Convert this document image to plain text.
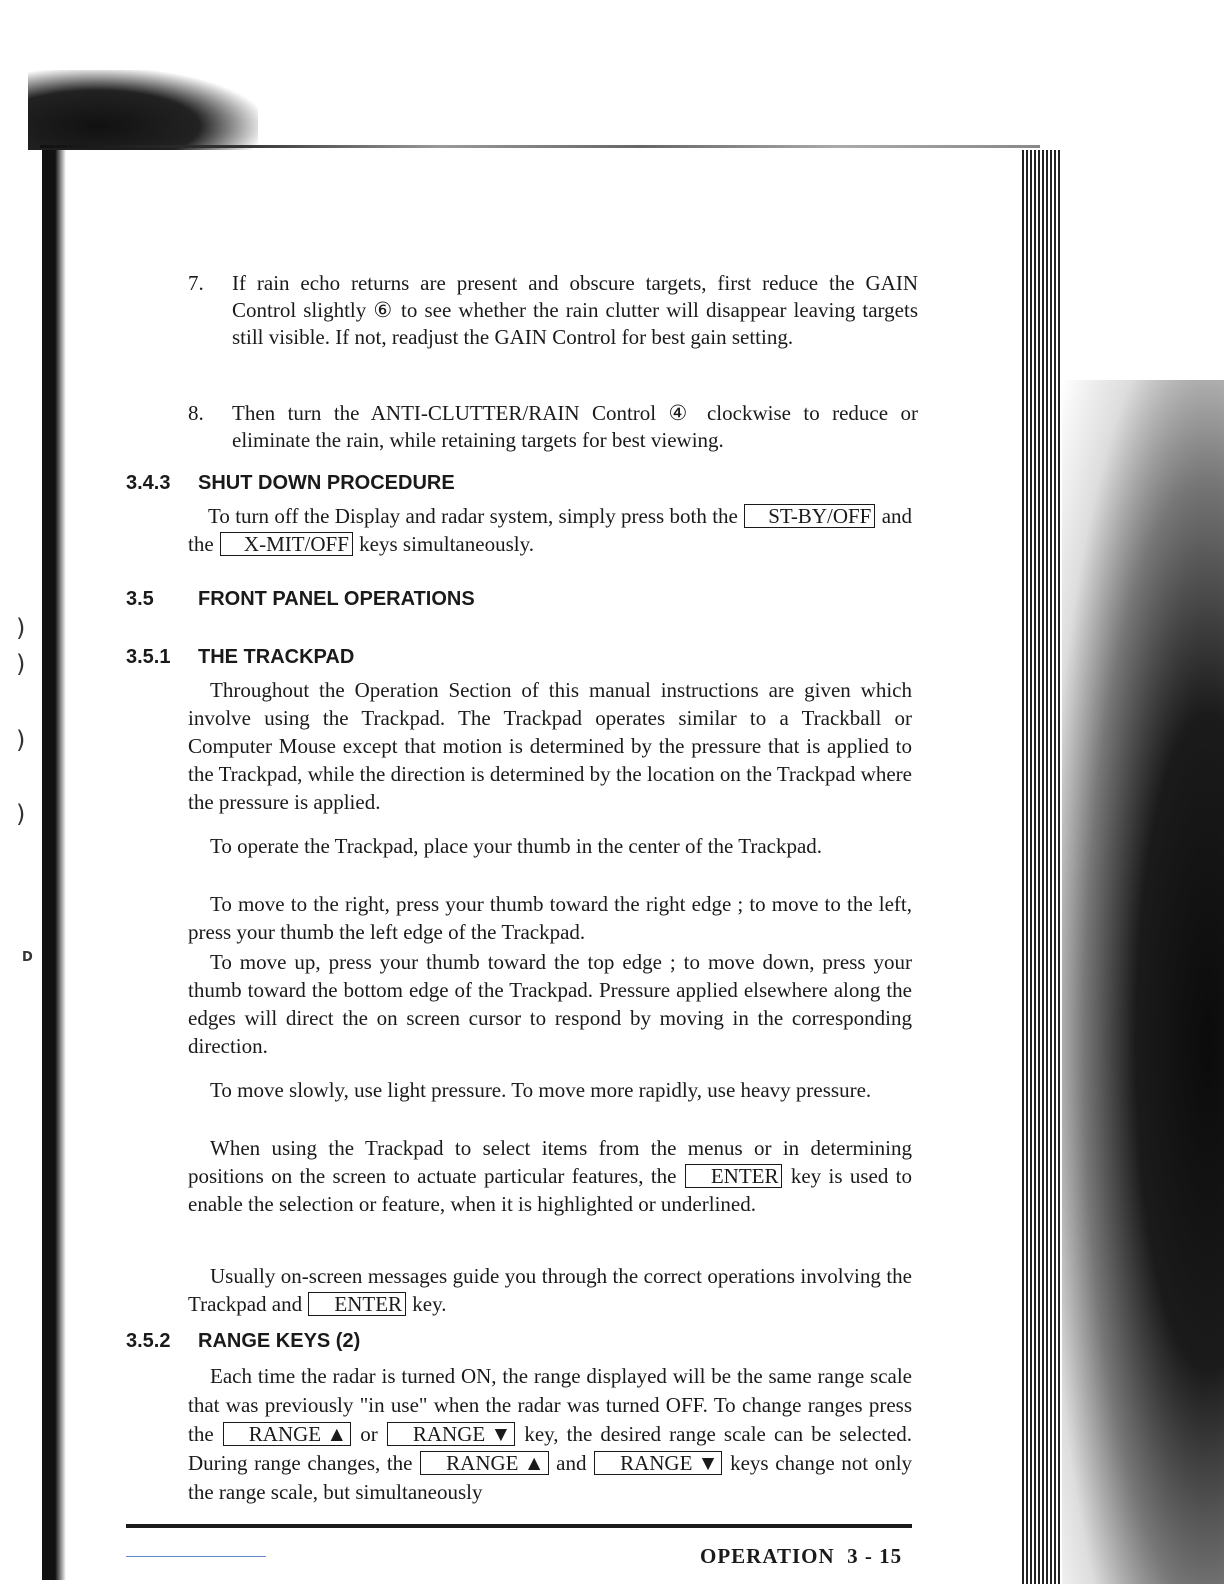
)
)
)
)
D
7. If rain echo returns are present and obscure targets, first reduce the GAIN Control slightly ⑥ to see whether the rain clutter will disappear leaving targets still visible. If not, readjust the GAIN Control for best gain setting.
8. Then turn the ANTI-CLUTTER/RAIN Control ④ clockwise to reduce or eliminate the rain, while retaining targets for best viewing.
3.4.3 SHUT DOWN PROCEDURE
To turn off the Display and radar system, simply press both the ST-BY/OFF and the X-MIT/OFF keys simultaneously.
3.5 FRONT PANEL OPERATIONS
3.5.1 THE TRACKPAD
Throughout the Operation Section of this manual instructions are given which involve using the Trackpad. The Trackpad operates similar to a Trackball or Computer Mouse except that motion is determined by the pressure that is applied to the Trackpad, while the direction is determined by the location on the Trackpad where the pressure is applied.
To operate the Trackpad, place your thumb in the center of the Trackpad.
To move to the right, press your thumb toward the right edge ; to move to the left, press your thumb the left edge of the Trackpad.
To move up, press your thumb toward the top edge ; to move down, press your thumb toward the bottom edge of the Trackpad. Pressure applied elsewhere along the edges will direct the on screen cursor to respond by moving in the corresponding direction.
To move slowly, use light pressure. To move more rapidly, use heavy pressure.
When using the Trackpad to select items from the menus or in determining positions on the screen to actuate particular features, the ENTER key is used to enable the selection or feature, when it is highlighted or underlined.
Usually on-screen messages guide you through the correct operations involving the Trackpad and ENTER key.
3.5.2 RANGE KEYS (2)
Each time the radar is turned ON, the range displayed will be the same range scale that was previously "in use" when the radar was turned OFF. To change ranges press the RANGE ▲ or RANGE ▼ key, the desired range scale can be selected. During range changes, the RANGE ▲ and RANGE ▼ keys change not only the range scale, but simultaneously
OPERATION 3 - 15
